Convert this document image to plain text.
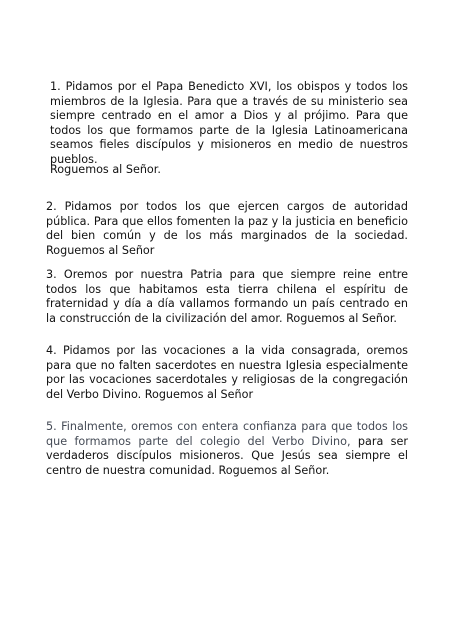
1. Pidamos por el Papa Benedicto XVI, los obispos y todos los miembros de la Iglesia. Para que a través de su ministerio sea siempre centrado en el amor a Dios y al prójimo. Para que todos los que formamos parte de la Iglesia Latinoamericana seamos fieles discípulos y misioneros en medio de nuestros pueblos.

Roguemos al Señor.

2. Pidamos por todos los que ejercen cargos de autoridad pública. Para que ellos fomenten la paz y la justicia en beneficio del bien común y de los más marginados de la sociedad. Roguemos al Señor

3. Oremos por nuestra Patria para que siempre reine entre todos los que habitamos esta tierra chilena el espíritu de fraternidad y día a día vallamos formando un país centrado en la construcción de la civilización del amor. Roguemos al Señor.

4. Pidamos por las vocaciones a la vida consagrada, oremos para que no falten sacerdotes en nuestra Iglesia especialmente por las vocaciones sacerdotales y religiosas de la congregación del Verbo Divino. Roguemos al Señor

5. Finalmente, oremos con entera confianza para que todos los que formamos parte del colegio del Verbo Divino, para ser verdaderos discípulos misioneros. Que Jesús sea siempre el centro de nuestra comunidad. Roguemos al Señor.
